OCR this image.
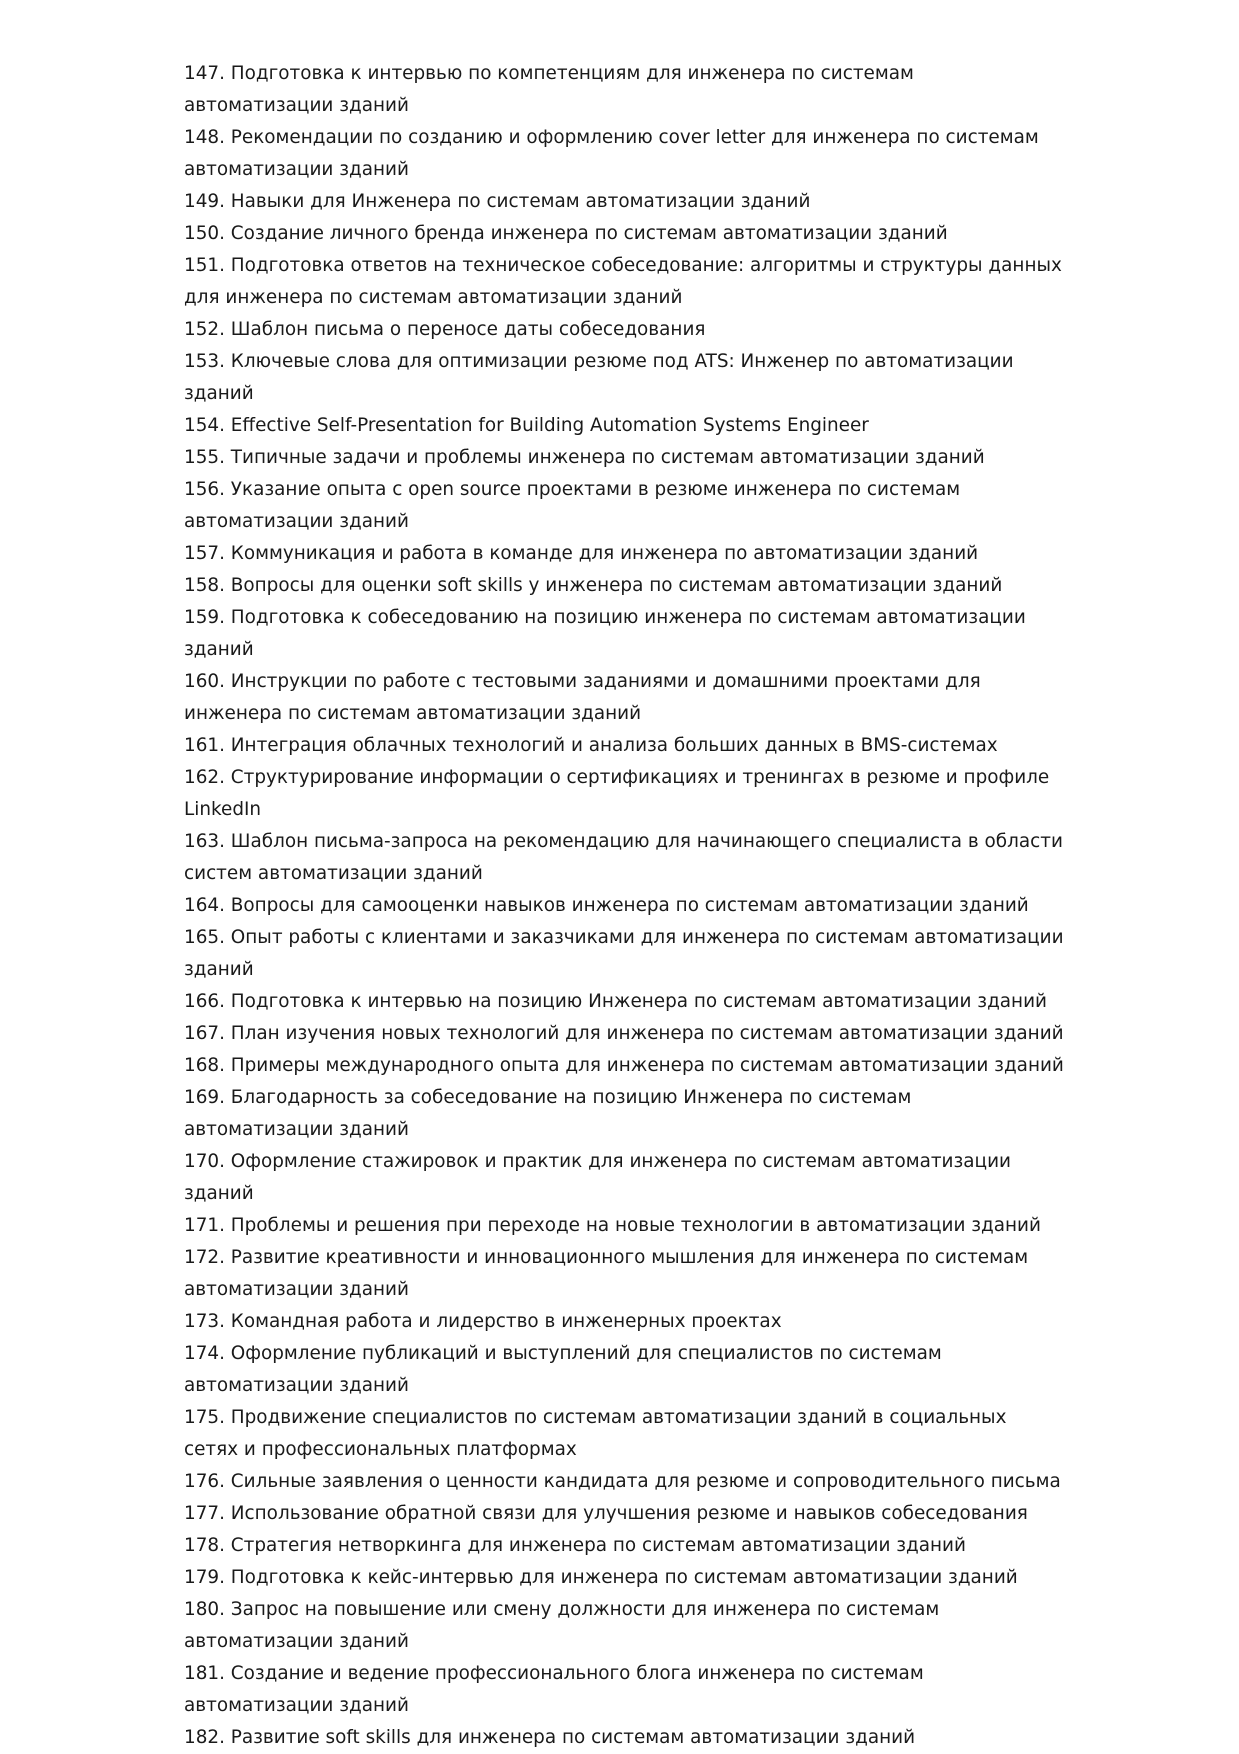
147. Подготовка к интервью по компетенциям для инженера по системам автоматизации зданий
148. Рекомендации по созданию и оформлению cover letter для инженера по системам автоматизации зданий
149. Навыки для Инженера по системам автоматизации зданий
150. Создание личного бренда инженера по системам автоматизации зданий
151. Подготовка ответов на техническое собеседование: алгоритмы и структуры данных для инженера по системам автоматизации зданий
152. Шаблон письма о переносе даты собеседования
153. Ключевые слова для оптимизации резюме под ATS: Инженер по автоматизации зданий
154. Effective Self-Presentation for Building Automation Systems Engineer
155. Типичные задачи и проблемы инженера по системам автоматизации зданий
156. Указание опыта с open source проектами в резюме инженера по системам автоматизации зданий
157. Коммуникация и работа в команде для инженера по автоматизации зданий
158. Вопросы для оценки soft skills у инженера по системам автоматизации зданий
159. Подготовка к собеседованию на позицию инженера по системам автоматизации зданий
160. Инструкции по работе с тестовыми заданиями и домашними проектами для инженера по системам автоматизации зданий
161. Интеграция облачных технологий и анализа больших данных в BMS-системах
162. Структурирование информации о сертификациях и тренингах в резюме и профиле LinkedIn
163. Шаблон письма-запроса на рекомендацию для начинающего специалиста в области систем автоматизации зданий
164. Вопросы для самооценки навыков инженера по системам автоматизации зданий
165. Опыт работы с клиентами и заказчиками для инженера по системам автоматизации зданий
166. Подготовка к интервью на позицию Инженера по системам автоматизации зданий
167. План изучения новых технологий для инженера по системам автоматизации зданий
168. Примеры международного опыта для инженера по системам автоматизации зданий
169. Благодарность за собеседование на позицию Инженера по системам автоматизации зданий
170. Оформление стажировок и практик для инженера по системам автоматизации зданий
171. Проблемы и решения при переходе на новые технологии в автоматизации зданий
172. Развитие креативности и инновационного мышления для инженера по системам автоматизации зданий
173. Командная работа и лидерство в инженерных проектах
174. Оформление публикаций и выступлений для специалистов по системам автоматизации зданий
175. Продвижение специалистов по системам автоматизации зданий в социальных сетях и профессиональных платформах
176. Сильные заявления о ценности кандидата для резюме и сопроводительного письма
177. Использование обратной связи для улучшения резюме и навыков собеседования
178. Стратегия нетворкинга для инженера по системам автоматизации зданий
179. Подготовка к кейс-интервью для инженера по системам автоматизации зданий
180. Запрос на повышение или смену должности для инженера по системам автоматизации зданий
181. Создание и ведение профессионального блога инженера по системам автоматизации зданий
182. Развитие soft skills для инженера по системам автоматизации зданий
